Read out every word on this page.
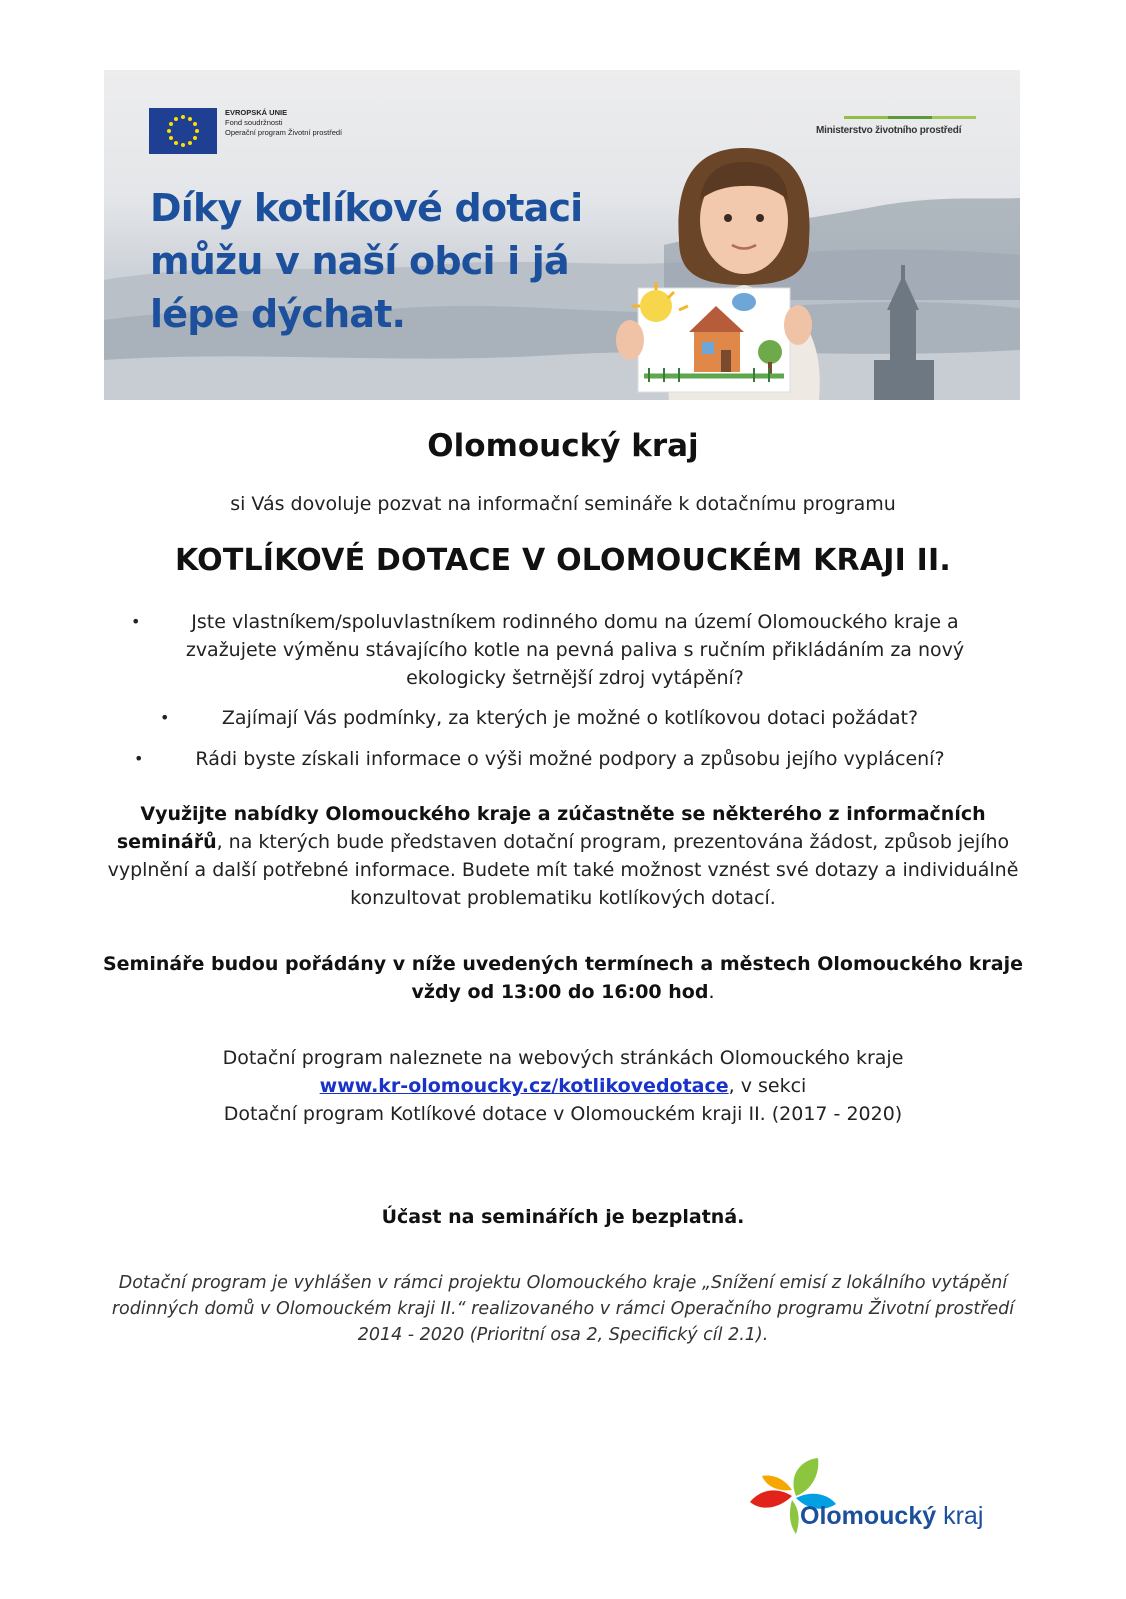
EVROPSKÁ UNIE
Fond soudržnosti
Operační program Životní prostředí	Ministerstvo životního prostředí
Díky kotlíkové dotaci
můžu v naší obci i já
lépe dýchat.
Olomoucký kraj

si Vás dovoluje pozvat na informační semináře k dotačnímu programu

KOTLÍKOVÉ DOTACE V OLOMOUCKÉM KRAJI II.
•	Jste vlastníkem/spoluvlastníkem rodinného domu na území Olomouckého kraje a zvažujete výměnu stávajícího kotle na pevná paliva s ručním přikládáním za nový ekologicky šetrnější zdroj vytápění?
•	Zajímají Vás podmínky, za kterých je možné o kotlíkovou dotaci požádat?
•	Rádi byste získali informace o výši možné podpory a způsobu jejího vyplácení?

Využijte nabídky Olomouckého kraje a zúčastněte se některého z informačních seminářů, na kterých bude představen dotační program, prezentována žádost, způsob jejího vyplnění a další potřebné informace. Budete mít také možnost vznést své dotazy a individuálně konzultovat problematiku kotlíkových dotací.

Semináře budou pořádány v níže uvedených termínech a městech Olomouckého kraje vždy od 13:00 do 16:00 hod.

Dotační program naleznete na webových stránkách Olomouckého kraje
www.kr-olomoucky.cz/kotlikovedotace, v sekci
Dotační program Kotlíkové dotace v Olomouckém kraji II. (2017 - 2020)

Účast na seminářích je bezplatná.

Dotační program je vyhlášen v rámci projektu Olomouckého kraje „Snížení emisí z lokálního vytápění rodinných domů v Olomouckém kraji II.“ realizovaného v rámci Operačního programu Životní prostředí 2014 - 2020 (Prioritní osa 2, Specifický cíl 2.1).

Olomoucký kraj
